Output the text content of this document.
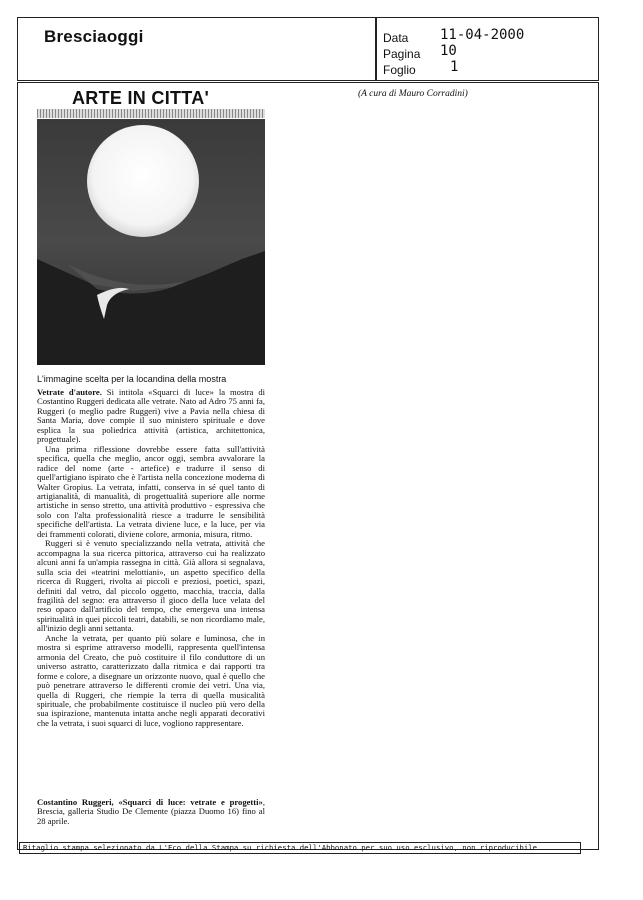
Bresciaoggi	Data 11-04-2000
Pagina 10
Foglio 1
ARTE IN CITTA'	(A cura di Mauro Corradini)
L'immagine scelta per la locandina della mostra

Vetrate d'autore. Si intitola «Squarci di luce» la mostra di Costantino Ruggeri dedicata alle vetrate. Nato ad Adro 75 anni fa, Ruggeri (o meglio padre Ruggeri) vive a Pavia nella chiesa di Santa Maria, dove compie il suo ministero spirituale e dove esplica la sua poliedrica attività (artistica, architettonica, progettuale).

Una prima riflessione dovrebbe essere fatta sull'attività specifica, quella che meglio, ancor oggi, sembra avvalorare la radice del nome (arte - artefice) e tradurre il senso di quell'artigiano ispirato che è l'artista nella concezione moderna di Walter Gropius. La vetrata, infatti, conserva in sé quel tanto di artigianalità, di manualità, di progettualità superiore alle norme artistiche in senso stretto, una attività produttivo - espressiva che solo con l'alta professionalità riesce a tradurre le sensibilità specifiche dell'artista. La vetrata diviene luce, e la luce, per via dei frammenti colorati, diviene colore, armonia, misura, ritmo.

Ruggeri si è venuto specializzando nella vetrata, attività che accompagna la sua ricerca pittorica, attraverso cui ha realizzato alcuni anni fa un'ampia rassegna in città. Già allora si segnalava, sulla scia dei «teatrini melottiani», un aspetto specifico della ricerca di Ruggeri, rivolta ai piccoli e preziosi, poetici, spazi, definiti dal vetro, dal piccolo oggetto, macchia, traccia, dalla fragilità del segno: era attraverso il gioco della luce velata del reso opaco dall'artificio del tempo, che emergeva una intensa spiritualità in quei piccoli teatri, databili, se non ricordiamo male, all'inizio degli anni settanta.

Anche la vetrata, per quanto più solare e luminosa, che in mostra si esprime attraverso modelli, rappresenta quell'intensa armonia del Creato, che può costituire il filo conduttore di un universo astratto, caratterizzato dalla ritmica e dai rapporti tra forme e colore, a disegnare un orizzonte nuovo, qual è quello che può penetrare attraverso le differenti cromie dei vetri. Una via, quella di Ruggeri, che riempie la terra di quella musicalità spirituale, che probabilmente costituisce il nucleo più vero della sua ispirazione, mantenuta intatta anche negli apparati decorativi che la vetrata, i suoi squarci di luce, vogliono rappresentare.

Costantino Ruggeri, «Squarci di luce: vetrate e progetti», Brescia, galleria Studio De Clemente (piazza Duomo 16) fino al 28 aprile.
Ritaglio stampa selezionato da L'Eco della Stampa su richiesta dell'Abbonato per suo uso esclusivo, non riproducibile
